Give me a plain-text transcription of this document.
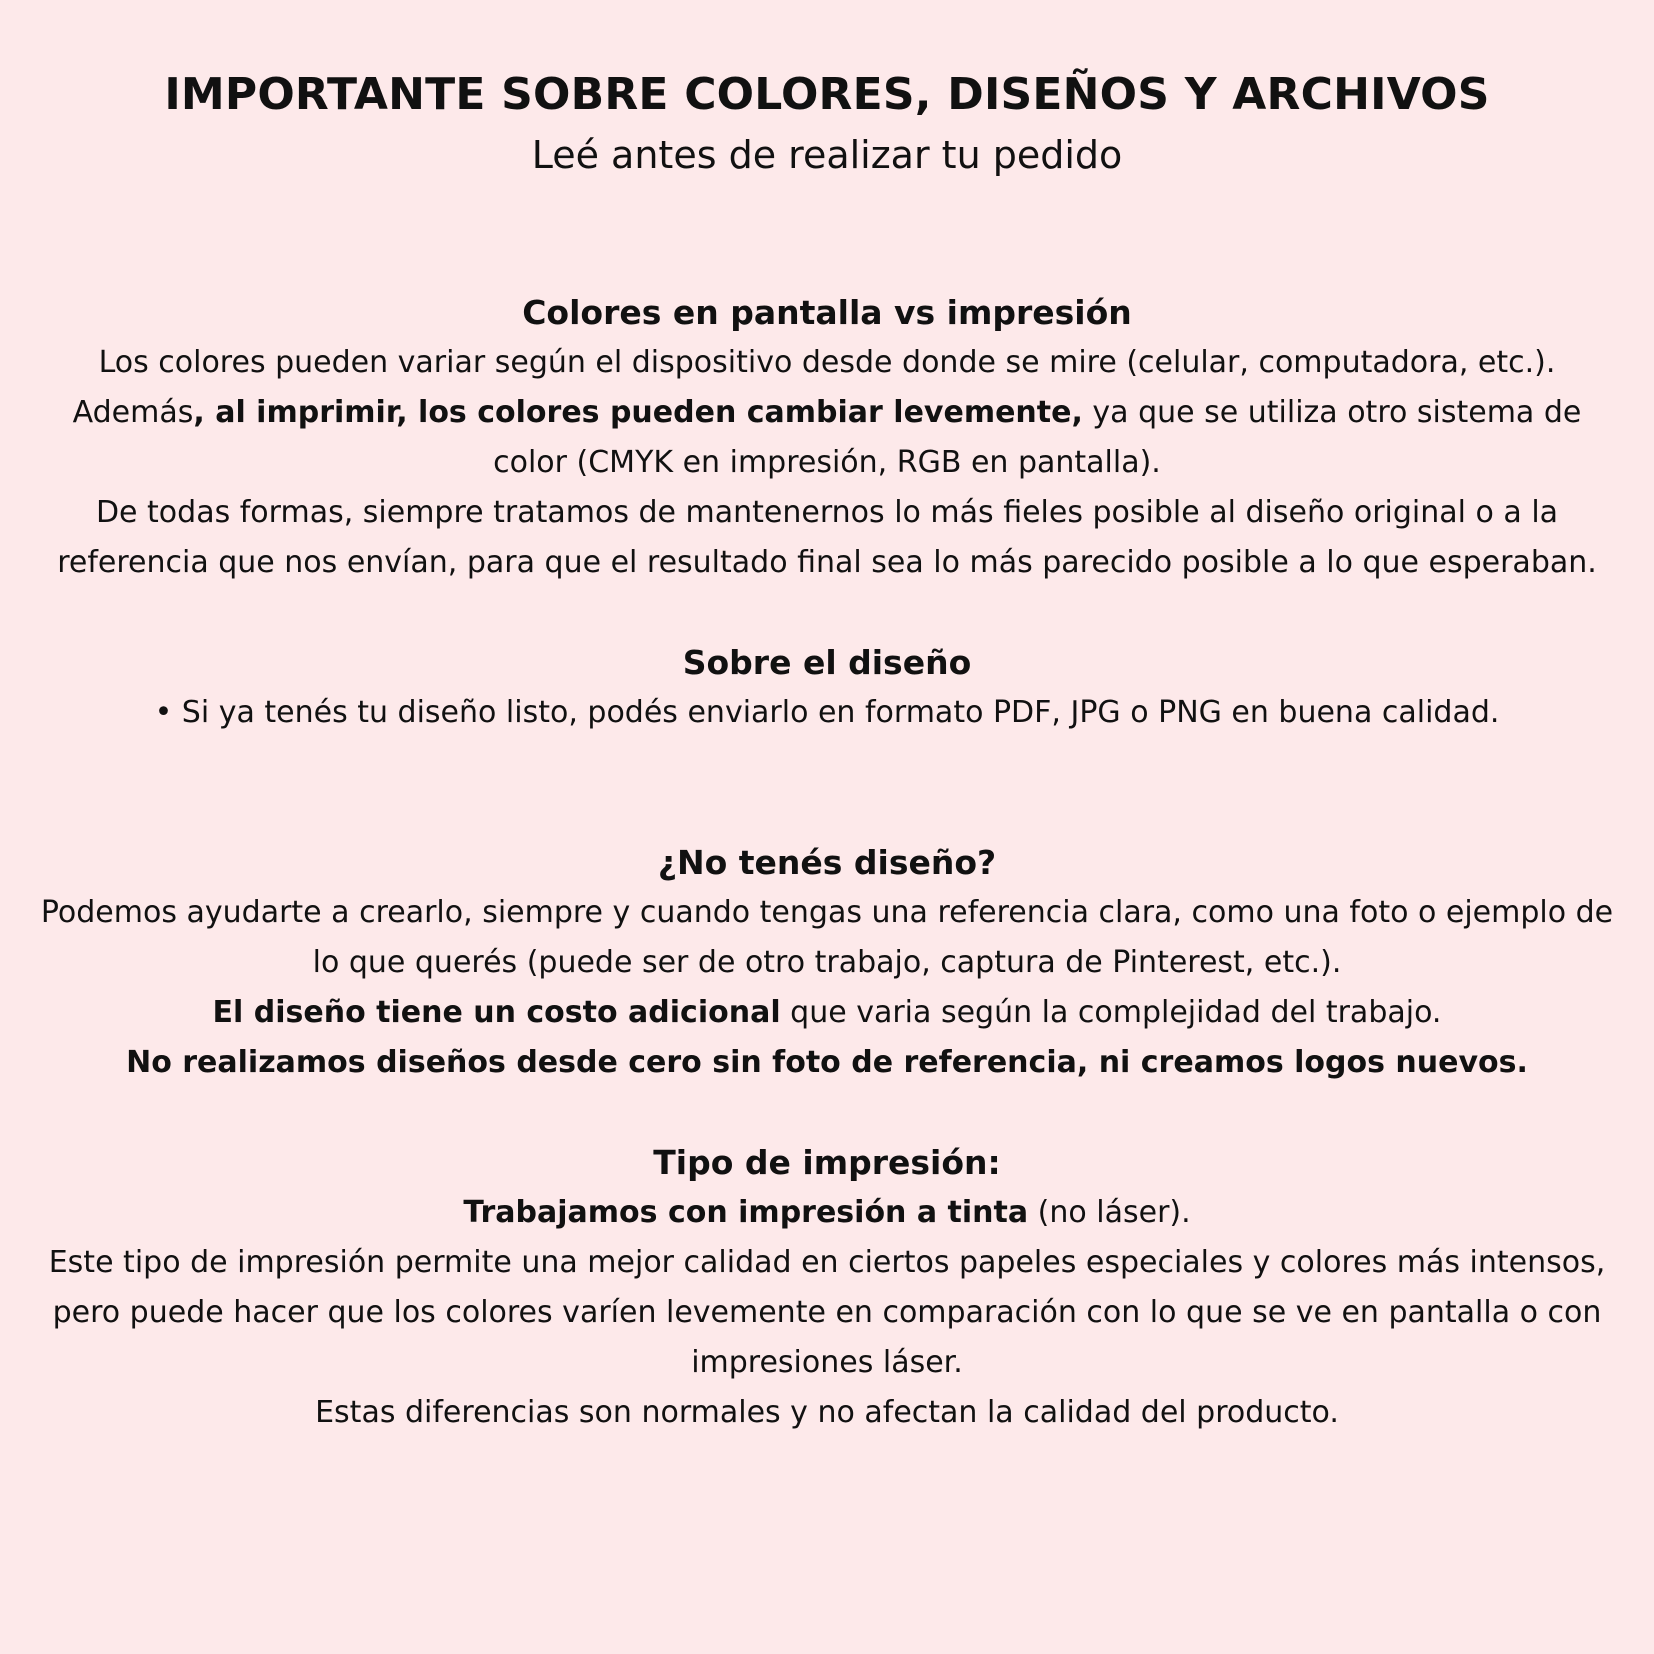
IMPORTANTE SOBRE COLORES, DISEÑOS Y ARCHIVOS
Leé antes de realizar tu pedido
Colores en pantalla vs impresión

Los colores pueden variar según el dispositivo desde donde se mire (celular, computadora, etc.).

Además, al imprimir, los colores pueden cambiar levemente, ya que se utiliza otro sistema de color (CMYK en impresión, RGB en pantalla).

De todas formas, siempre tratamos de mantenernos lo más fieles posible al diseño original o a la referencia que nos envían, para que el resultado final sea lo más parecido posible a lo que esperaban.

Sobre el diseño

• Si ya tenés tu diseño listo, podés enviarlo en formato PDF, JPG o PNG en buena calidad.

¿No tenés diseño?

Podemos ayudarte a crearlo, siempre y cuando tengas una referencia clara, como una foto o ejemplo de lo que querés (puede ser de otro trabajo, captura de Pinterest, etc.).

El diseño tiene un costo adicional que varia según la complejidad del trabajo.

No realizamos diseños desde cero sin foto de referencia, ni creamos logos nuevos.

Tipo de impresión:

Trabajamos con impresión a tinta (no láser).

Este tipo de impresión permite una mejor calidad en ciertos papeles especiales y colores más intensos, pero puede hacer que los colores varíen levemente en comparación con lo que se ve en pantalla o con impresiones láser.

Estas diferencias son normales y no afectan la calidad del producto.
